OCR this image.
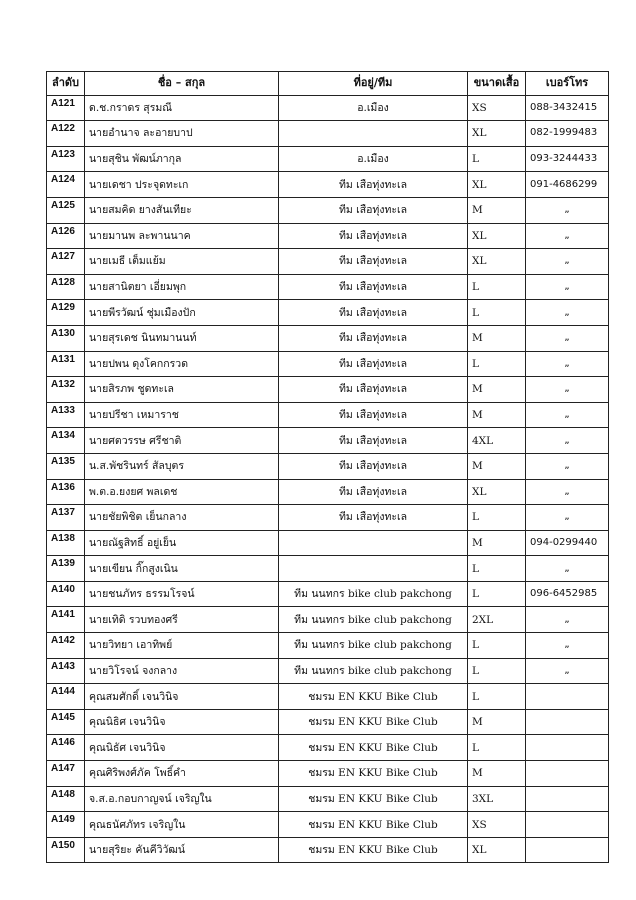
ลำดับ	ชื่อ – สกุล	ที่อยู่/ทีม	ขนาดเสื้อ	เบอร์โทร
A121	ด.ช.กราดร สุรมณี	อ.เมือง	XS	088-3432415
A122	นายอำนาจ ละอายบาป		XL	082-1999483
A123	นายสุชิน พัฒน์ภากุล	อ.เมือง	L	093-3244433
A124	นายเดชา ประจุดทะเก	ทีม เสือทุ่งทะเล	XL	091-4686299
A125	นายสมคิด ยางสันเทียะ	ทีม เสือทุ่งทะเล	M	„
A126	นายมานพ ละพานนาค	ทีม เสือทุ่งทะเล	XL	„
A127	นายเมธี เต็มแย้ม	ทีม เสือทุ่งทะเล	XL	„
A128	นายสานิตยา เอี่ยมพุก	ทีม เสือทุ่งทะเล	L	„
A129	นายพีรวัฒน์ ชุ่มเมืองปัก	ทีม เสือทุ่งทะเล	L	„
A130	นายสุรเดช นินทมานนท์	ทีม เสือทุ่งทะเล	M	„
A131	นายปพน ดุงโคกกรวด	ทีม เสือทุ่งทะเล	L	„
A132	นายสิรภพ ชูดทะเล	ทีม เสือทุ่งทะเล	M	„
A133	นายปรีชา เหมาราช	ทีม เสือทุ่งทะเล	M	„
A134	นายศตวรรษ ศรีชาติ	ทีม เสือทุ่งทะเล	4XL	„
A135	น.ส.พัชรินทร์ สัลบุตร	ทีม เสือทุ่งทะเล	M	„
A136	พ.ต.อ.ยงยศ พลเดช	ทีม เสือทุ่งทะเล	XL	„
A137	นายชัยพิชิต เย็นกลาง	ทีม เสือทุ่งทะเล	L	„
A138	นายณัฐสิทธิ์ อยู่เย็น		M	094-0299440
A139	นายเขียน กิ๊กสูงเนิน		L	„
A140	นายชนภัทร ธรรมโรจน์	ทีม นนทกร bike club pakchong	L	096-6452985
A141	นายเทิดิ รวบทองศรี	ทีม นนทกร bike club pakchong	2XL	„
A142	นายวิทยา เอาทิพย์	ทีม นนทกร bike club pakchong	L	„
A143	นายวิโรจน์ จงกลาง	ทีม นนทกร bike club pakchong	L	„
A144	คุณสมศักดิ์ เจนวินิจ	ชมรม EN KKU Bike Club	L	
A145	คุณนิธิศ เจนวินิจ	ชมรม EN KKU Bike Club	M	
A146	คุณนิธัศ เจนวินิจ	ชมรม EN KKU Bike Club	L	
A147	คุณศิริพงศ์ภัค โพธิ์คำ	ชมรม EN KKU Bike Club	M	
A148	จ.ส.อ.กอบกาญจน์ เจริญใน	ชมรม EN KKU Bike Club	3XL	
A149	คุณธนัศภัทร เจริญใน	ชมรม EN KKU Bike Club	XS	
A150	นายสุริยะ คันคีวิวัฒน์	ชมรม EN KKU Bike Club	XL	
